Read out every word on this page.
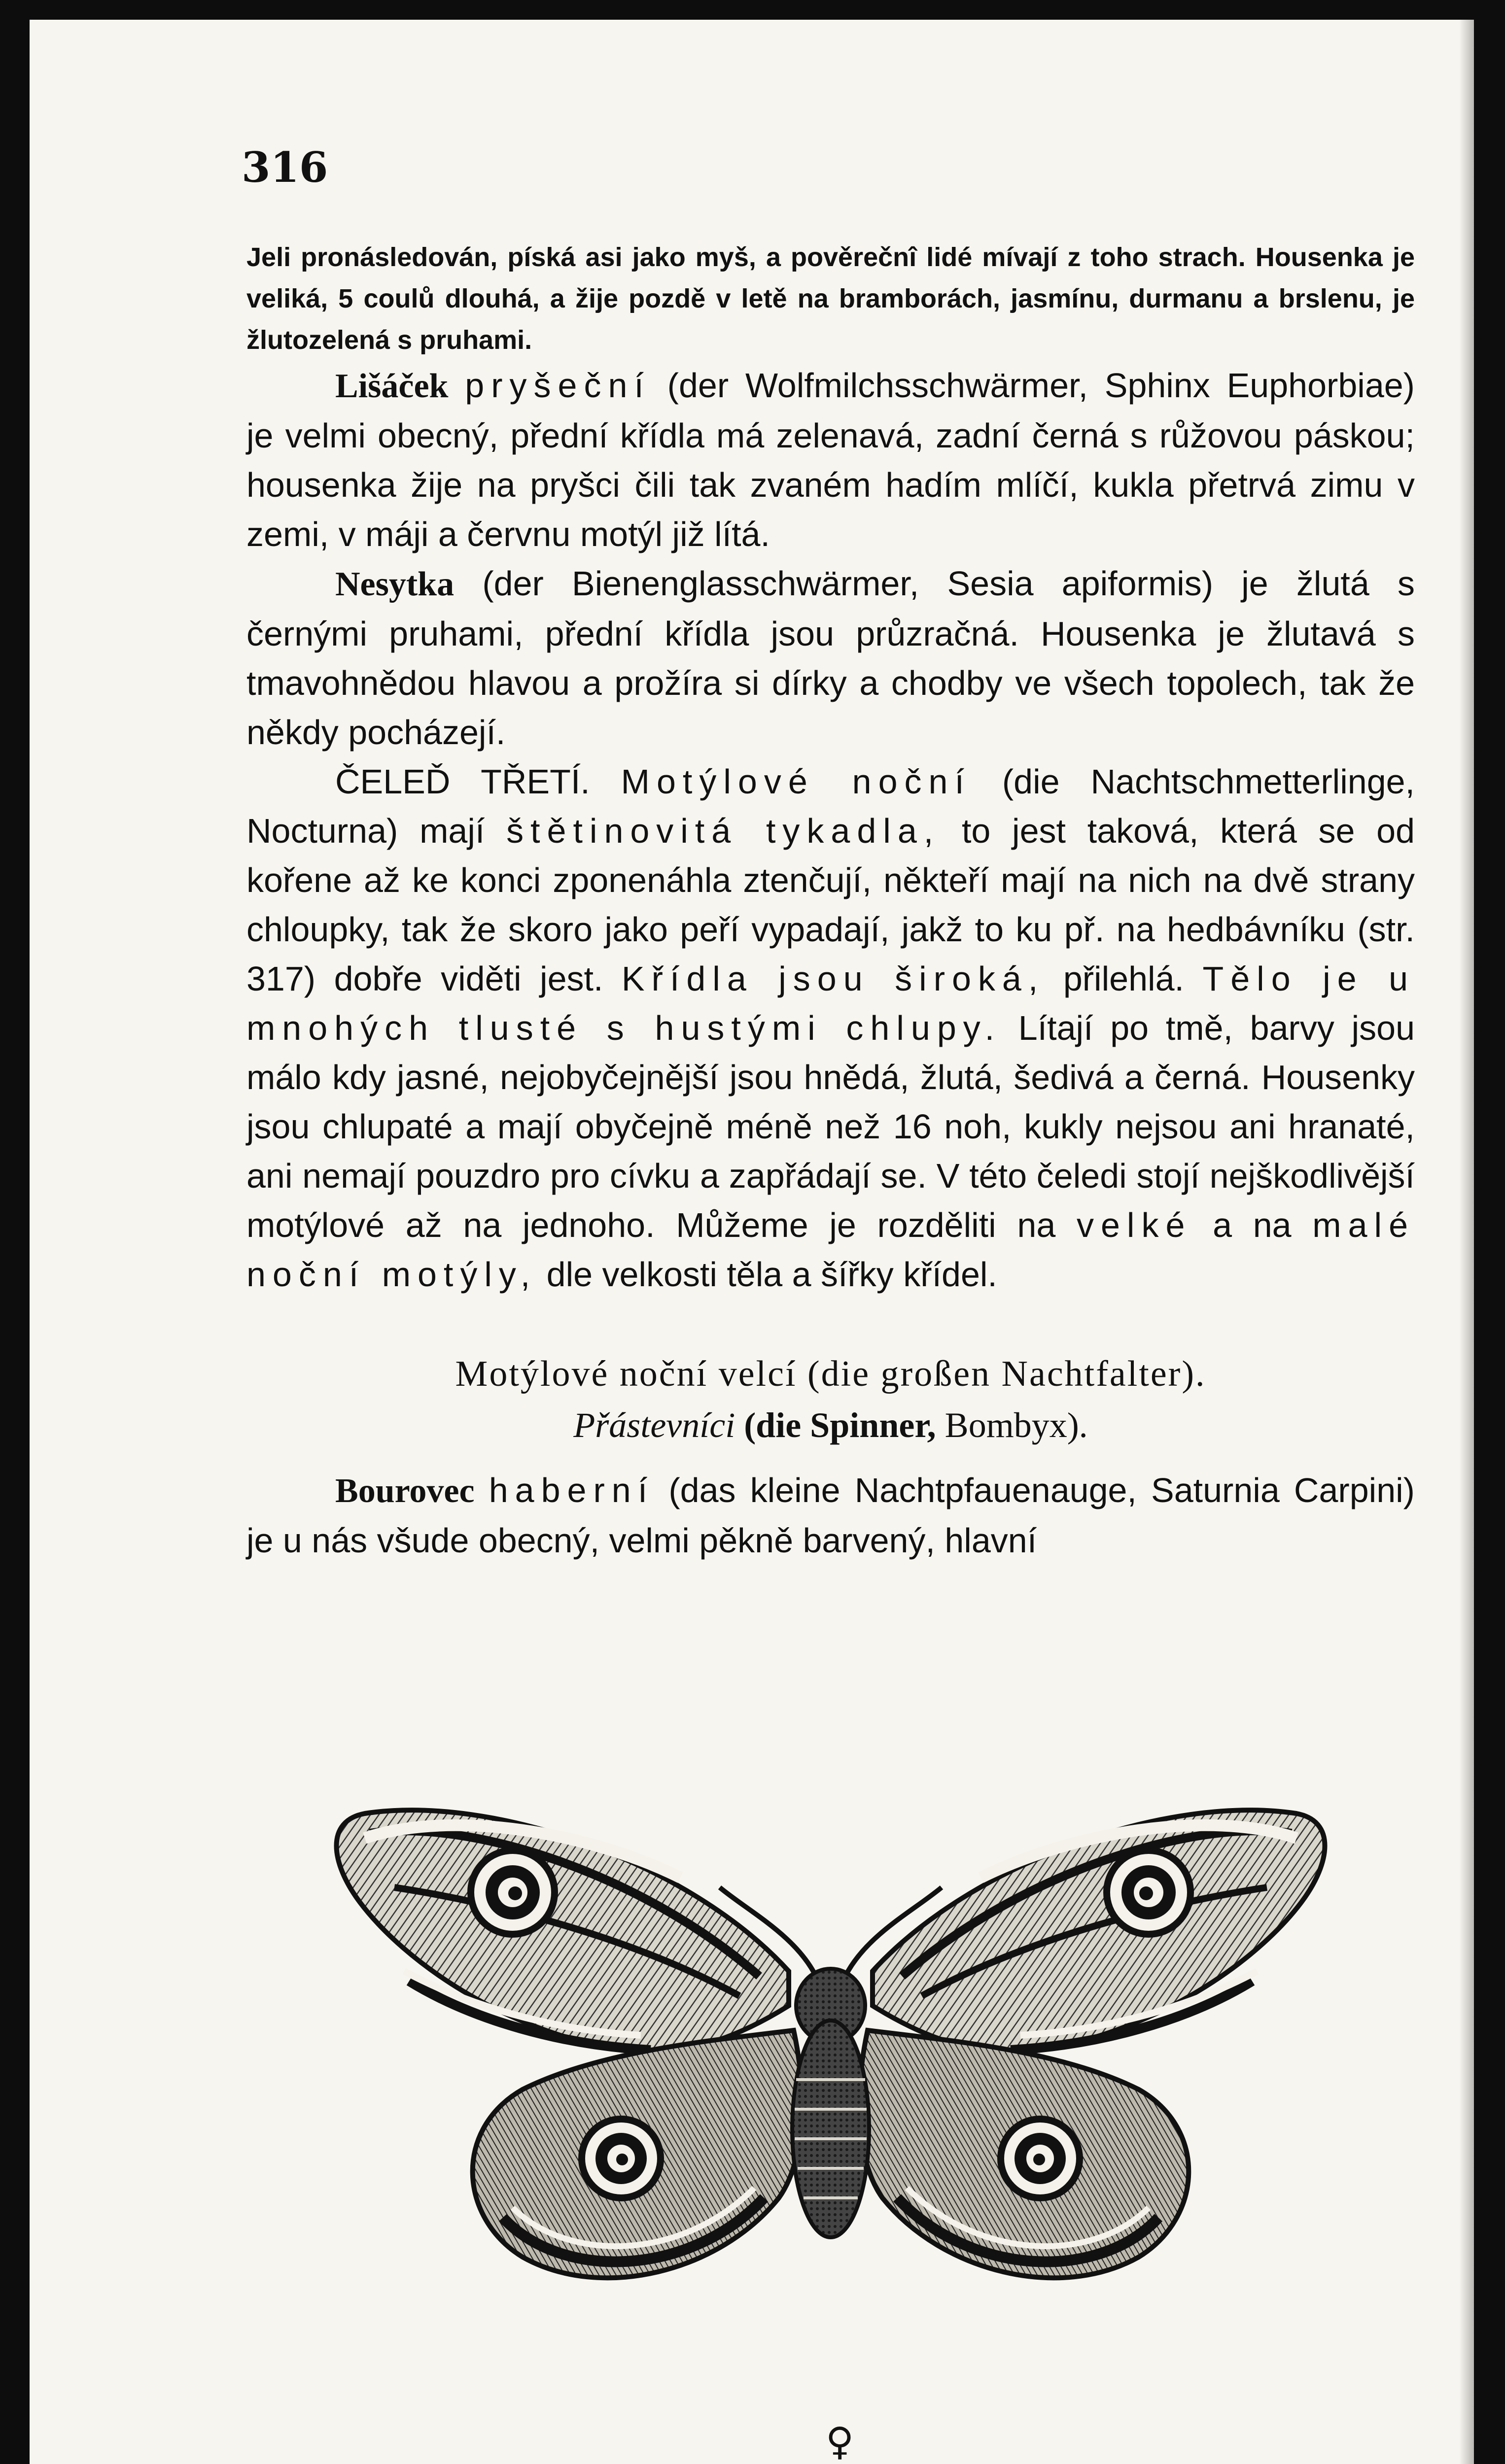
316

Jeli pronásledován, píská asi jako myš, a pověrečnî lidé mívají z toho strach. Housenka je veliká, 5 coulů dlouhá, a žije pozdě v letě na bramborách, jasmínu, durmanu a brslenu, je žlutozelená s pruhami.

Lišáček pryšeční (der Wolfmilchsschwärmer, Sphinx Euphorbiae) je velmi obecný, přední křídla má zelenavá, zadní černá s růžovou páskou; housenka žije na pryšci čili tak zvaném hadím mlíčí, kukla přetrvá zimu v zemi, v máji a červnu motýl již lítá.

Nesytka (der Bienenglasschwärmer, Sesia apiformis) je žlutá s černými pruhami, přední křídla jsou průzračná. Housenka je žlutavá s tmavohnědou hlavou a prožíra si dírky a chodby ve všech topolech, tak že někdy pocházejí.

ČELEĎ TŘETÍ. Motýlové noční (die Nachtschmetterlinge, Nocturna) mají štětinovitá tykadla, to jest taková, která se od kořene až ke konci zponenáhla ztenčují, někteří mají na nich na dvě strany chloupky, tak že skoro jako peří vypadají, jakž to ku př. na hedbávníku (str. 317) dobře viděti jest. Křídla jsou široká, přilehlá. Tělo je u mnohých tlusté s hustými chlupy. Lítají po tmě, barvy jsou málo kdy jasné, nejobyčejnější jsou hnědá, žlutá, šedivá a černá. Housenky jsou chlupaté a mají obyčejně méně než 16 noh, kukly nejsou ani hranaté, ani nemají pouzdro pro cívku a zapřádají se. V této čeledi stojí nejškodlivější motýlové až na jednoho. Můžeme je rozděliti na velké a na malé noční motýly, dle velkosti těla a šířky křídel.

Motýlové noční velcí (die großen Nachtfalter).

Přástevníci (die Spinner, Bombyx).

Bourovec haberní (das kleine Nachtpfauenauge, Saturnia Carpini) je u nás všude obecný, velmi pěkně barvený, hlavní

♀
